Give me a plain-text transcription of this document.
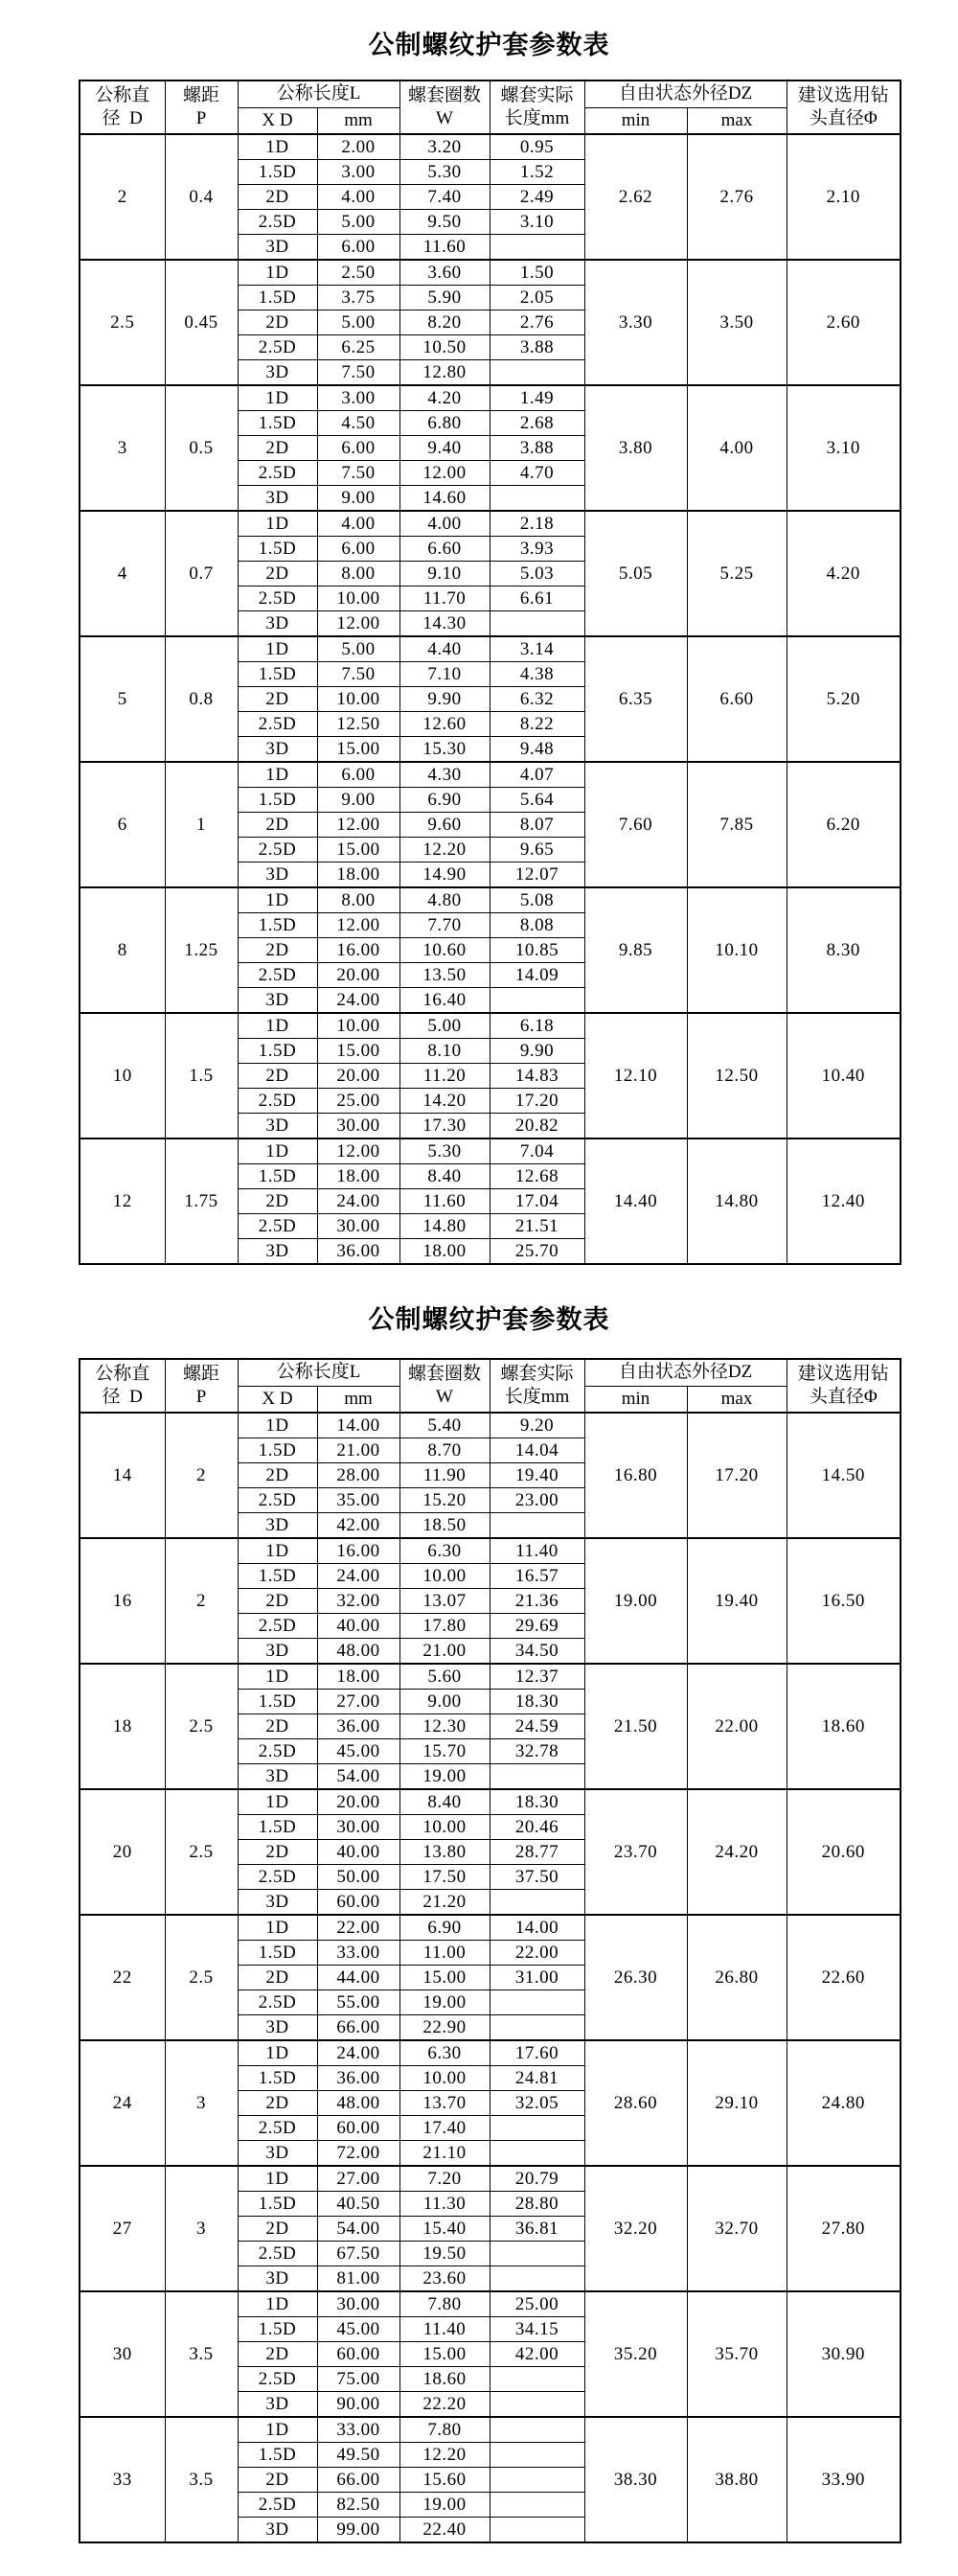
公制螺纹护套参数表
公称直
径  D

螺距
P
	公称长度L	螺套圈数
W

螺套实际
长度mm
	自由状态外径DZ	建议选用钻
头直径Φ

		X D	mm			min	max	
2	0.4	1D	2.00	3.20	0.95	2.62	2.76	2.10
		1.5D	3.00	5.30	1.52			
		2D	4.00	7.40	2.49			
		2.5D	5.00	9.50	3.10			
		3D	6.00	11.60				
2.5	0.45	1D	2.50	3.60	1.50	3.30	3.50	2.60
		1.5D	3.75	5.90	2.05			
		2D	5.00	8.20	2.76			
		2.5D	6.25	10.50	3.88			
		3D	7.50	12.80				
3	0.5	1D	3.00	4.20	1.49	3.80	4.00	3.10
		1.5D	4.50	6.80	2.68			
		2D	6.00	9.40	3.88			
		2.5D	7.50	12.00	4.70			
		3D	9.00	14.60				
4	0.7	1D	4.00	4.00	2.18	5.05	5.25	4.20
		1.5D	6.00	6.60	3.93			
		2D	8.00	9.10	5.03			
		2.5D	10.00	11.70	6.61			
		3D	12.00	14.30				
5	0.8	1D	5.00	4.40	3.14	6.35	6.60	5.20
		1.5D	7.50	7.10	4.38			
		2D	10.00	9.90	6.32			
		2.5D	12.50	12.60	8.22			
		3D	15.00	15.30	9.48			
6	1	1D	6.00	4.30	4.07	7.60	7.85	6.20
		1.5D	9.00	6.90	5.64			
		2D	12.00	9.60	8.07			
		2.5D	15.00	12.20	9.65			
		3D	18.00	14.90	12.07			
8	1.25	1D	8.00	4.80	5.08	9.85	10.10	8.30
		1.5D	12.00	7.70	8.08			
		2D	16.00	10.60	10.85			
		2.5D	20.00	13.50	14.09			
		3D	24.00	16.40				
10	1.5	1D	10.00	5.00	6.18	12.10	12.50	10.40
		1.5D	15.00	8.10	9.90			
		2D	20.00	11.20	14.83			
		2.5D	25.00	14.20	17.20			
		3D	30.00	17.30	20.82			
12	1.75	1D	12.00	5.30	7.04	14.40	14.80	12.40
		1.5D	18.00	8.40	12.68			
		2D	24.00	11.60	17.04			
		2.5D	30.00	14.80	21.51			
		3D	36.00	18.00	25.70			
公制螺纹护套参数表
公称直
径  D

螺距
P
	公称长度L	螺套圈数
W

螺套实际
长度mm
	自由状态外径DZ	建议选用钻
头直径Φ

		X D	mm			min	max	
14	2	1D	14.00	5.40	9.20	16.80	17.20	14.50
		1.5D	21.00	8.70	14.04			
		2D	28.00	11.90	19.40			
		2.5D	35.00	15.20	23.00			
		3D	42.00	18.50				
16	2	1D	16.00	6.30	11.40	19.00	19.40	16.50
		1.5D	24.00	10.00	16.57			
		2D	32.00	13.07	21.36			
		2.5D	40.00	17.80	29.69			
		3D	48.00	21.00	34.50			
18	2.5	1D	18.00	5.60	12.37	21.50	22.00	18.60
		1.5D	27.00	9.00	18.30			
		2D	36.00	12.30	24.59			
		2.5D	45.00	15.70	32.78			
		3D	54.00	19.00				
20	2.5	1D	20.00	8.40	18.30	23.70	24.20	20.60
		1.5D	30.00	10.00	20.46			
		2D	40.00	13.80	28.77			
		2.5D	50.00	17.50	37.50			
		3D	60.00	21.20				
22	2.5	1D	22.00	6.90	14.00	26.30	26.80	22.60
		1.5D	33.00	11.00	22.00			
		2D	44.00	15.00	31.00			
		2.5D	55.00	19.00				
		3D	66.00	22.90				
24	3	1D	24.00	6.30	17.60	28.60	29.10	24.80
		1.5D	36.00	10.00	24.81			
		2D	48.00	13.70	32.05			
		2.5D	60.00	17.40				
		3D	72.00	21.10				
27	3	1D	27.00	7.20	20.79	32.20	32.70	27.80
		1.5D	40.50	11.30	28.80			
		2D	54.00	15.40	36.81			
		2.5D	67.50	19.50				
		3D	81.00	23.60				
30	3.5	1D	30.00	7.80	25.00	35.20	35.70	30.90
		1.5D	45.00	11.40	34.15			
		2D	60.00	15.00	42.00			
		2.5D	75.00	18.60				
		3D	90.00	22.20				
33	3.5	1D	33.00	7.80		38.30	38.80	33.90
		1.5D	49.50	12.20				
		2D	66.00	15.60				
		2.5D	82.50	19.00				
		3D	99.00	22.40				
